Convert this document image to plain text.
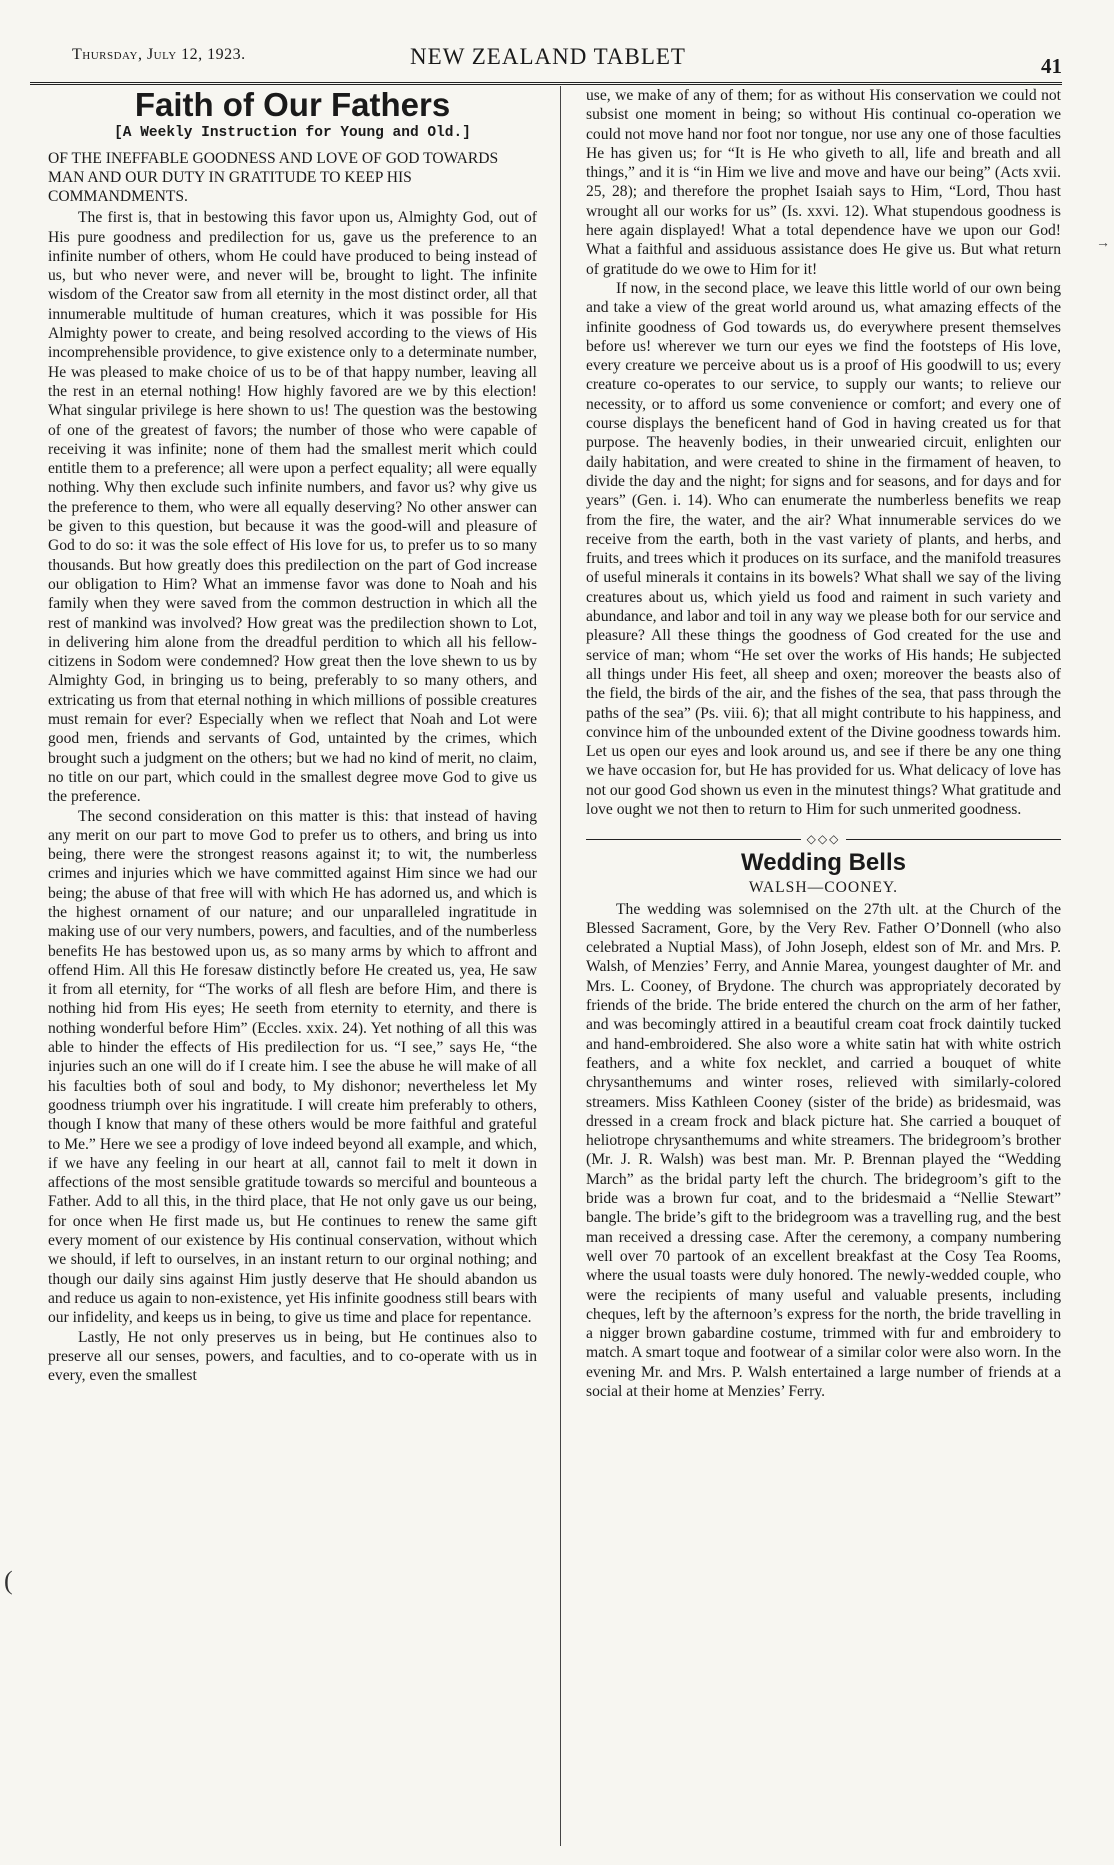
Thursday, July 12, 1923.	NEW ZEALAND TABLET	41
Faith of Our Fathers

[A Weekly Instruction for Young and Old.]

OF THE INEFFABLE GOODNESS AND LOVE OF GOD TOWARDS MAN AND OUR DUTY IN GRATITUDE TO KEEP HIS COMMANDMENTS.

The first is, that in bestowing this favor upon us, Almighty God, out of His pure goodness and predilection for us, gave us the preference to an infinite number of others, whom He could have produced to being instead of us, but who never were, and never will be, brought to light. The infinite wisdom of the Creator saw from all eternity in the most distinct order, all that innumerable multitude of human creatures, which it was possible for His Almighty power to create, and being resolved according to the views of His incomprehensible providence, to give existence only to a determinate number, He was pleased to make choice of us to be of that happy number, leaving all the rest in an eternal nothing! How highly favored are we by this election! What singular privilege is here shown to us! The question was the bestowing of one of the greatest of favors; the number of those who were capable of receiving it was infinite; none of them had the smallest merit which could entitle them to a preference; all were upon a perfect equality; all were equally nothing. Why then exclude such infinite numbers, and favor us? why give us the preference to them, who were all equally deserving? No other answer can be given to this question, but because it was the good-will and pleasure of God to do so: it was the sole effect of His love for us, to prefer us to so many thousands. But how greatly does this predilection on the part of God increase our obligation to Him? What an immense favor was done to Noah and his family when they were saved from the common destruction in which all the rest of mankind was involved? How great was the predilection shown to Lot, in delivering him alone from the dreadful perdition to which all his fellow-citizens in Sodom were condemned? How great then the love shewn to us by Almighty God, in bringing us to being, preferably to so many others, and extricating us from that eternal nothing in which millions of possible creatures must remain for ever? Especially when we reflect that Noah and Lot were good men, friends and servants of God, untainted by the crimes, which brought such a judgment on the others; but we had no kind of merit, no claim, no title on our part, which could in the smallest degree move God to give us the preference.

The second consideration on this matter is this: that instead of having any merit on our part to move God to prefer us to others, and bring us into being, there were the strongest reasons against it; to wit, the numberless crimes and injuries which we have committed against Him since we had our being; the abuse of that free will with which He has adorned us, and which is the highest ornament of our nature; and our unparalleled ingratitude in making use of our very numbers, powers, and faculties, and of the numberless benefits He has bestowed upon us, as so many arms by which to affront and offend Him. All this He foresaw distinctly before He created us, yea, He saw it from all eternity, for “The works of all flesh are before Him, and there is nothing hid from His eyes; He seeth from eternity to eternity, and there is nothing wonderful before Him” (Eccles. xxix. 24). Yet nothing of all this was able to hinder the effects of His predilection for us. “I see,” says He, “the injuries such an one will do if I create him. I see the abuse he will make of all his faculties both of soul and body, to My dishonor; nevertheless let My goodness triumph over his ingratitude. I will create him preferably to others, though I know that many of these others would be more faithful and grateful to Me.” Here we see a prodigy of love indeed beyond all example, and which, if we have any feeling in our heart at all, cannot fail to melt it down in affections of the most sensible gratitude towards so merciful and bounteous a Father. Add to all this, in the third place, that He not only gave us our being, for once when He first made us, but He continues to renew the same gift every moment of our existence by His continual conservation, without which we should, if left to ourselves, in an instant return to our orginal nothing; and though our daily sins against Him justly deserve that He should abandon us and reduce us again to non-existence, yet His infinite goodness still bears with our infidelity, and keeps us in being, to give us time and place for repentance.

Lastly, He not only preserves us in being, but He continues also to preserve all our senses, powers, and faculties, and to co-operate with us in every, even the smallest

use, we make of any of them; for as without His conservation we could not subsist one moment in being; so without His continual co-operation we could not move hand nor foot nor tongue, nor use any one of those faculties He has given us; for “It is He who giveth to all, life and breath and all things,” and it is “in Him we live and move and have our being” (Acts xvii. 25, 28); and therefore the prophet Isaiah says to Him, “Lord, Thou hast wrought all our works for us” (Is. xxvi. 12). What stupendous goodness is here again displayed! What a total dependence have we upon our God! What a faithful and assiduous assistance does He give us. But what return of gratitude do we owe to Him for it!

If now, in the second place, we leave this little world of our own being and take a view of the great world around us, what amazing effects of the infinite goodness of God towards us, do everywhere present themselves before us! wherever we turn our eyes we find the footsteps of His love, every creature we perceive about us is a proof of His goodwill to us; every creature co-operates to our service, to supply our wants; to relieve our necessity, or to afford us some convenience or comfort; and every one of course displays the beneficent hand of God in having created us for that purpose. The heavenly bodies, in their unwearied circuit, enlighten our daily habitation, and were created to shine in the firmament of heaven, to divide the day and the night; for signs and for seasons, and for days and for years” (Gen. i. 14). Who can enumerate the numberless benefits we reap from the fire, the water, and the air? What innumerable services do we receive from the earth, both in the vast variety of plants, and herbs, and fruits, and trees which it produces on its surface, and the manifold treasures of useful minerals it contains in its bowels? What shall we say of the living creatures about us, which yield us food and raiment in such variety and abundance, and labor and toil in any way we please both for our service and pleasure? All these things the goodness of God created for the use and service of man; whom “He set over the works of His hands; He subjected all things under His feet, all sheep and oxen; moreover the beasts also of the field, the birds of the air, and the fishes of the sea, that pass through the paths of the sea” (Ps. viii. 6); that all might contribute to his happiness, and convince him of the unbounded extent of the Divine goodness towards him. Let us open our eyes and look around us, and see if there be any one thing we have occasion for, but He has provided for us. What delicacy of love has not our good God shown us even in the minutest things? What gratitude and love ought we not then to return to Him for such unmerited goodness.

◇◇◇
Wedding Bells

WALSH—COONEY.

The wedding was solemnised on the 27th ult. at the Church of the Blessed Sacrament, Gore, by the Very Rev. Father O’Donnell (who also celebrated a Nuptial Mass), of John Joseph, eldest son of Mr. and Mrs. P. Walsh, of Menzies’ Ferry, and Annie Marea, youngest daughter of Mr. and Mrs. L. Cooney, of Brydone. The church was appropriately decorated by friends of the bride. The bride entered the church on the arm of her father, and was becomingly attired in a beautiful cream coat frock daintily tucked and hand-embroidered. She also wore a white satin hat with white ostrich feathers, and a white fox necklet, and carried a bouquet of white chrysanthemums and winter roses, relieved with similarly-colored streamers. Miss Kathleen Cooney (sister of the bride) as bridesmaid, was dressed in a cream frock and black picture hat. She carried a bouquet of heliotrope chrysanthemums and white streamers. The bridegroom’s brother (Mr. J. R. Walsh) was best man. Mr. P. Brennan played the “Wedding March” as the bridal party left the church. The bridegroom’s gift to the bride was a brown fur coat, and to the bridesmaid a “Nellie Stewart” bangle. The bride’s gift to the bridegroom was a travelling rug, and the best man received a dressing case. After the ceremony, a company numbering well over 70 partook of an excellent breakfast at the Cosy Tea Rooms, where the usual toasts were duly honored. The newly-wedded couple, who were the recipients of many useful and valuable presents, including cheques, left by the afternoon’s express for the north, the bride travelling in a nigger brown gabardine costume, trimmed with fur and embroidery to match. A smart toque and footwear of a similar color were also worn. In the evening Mr. and Mrs. P. Walsh entertained a large number of friends at a social at their home at Menzies’ Ferry.

(
→
